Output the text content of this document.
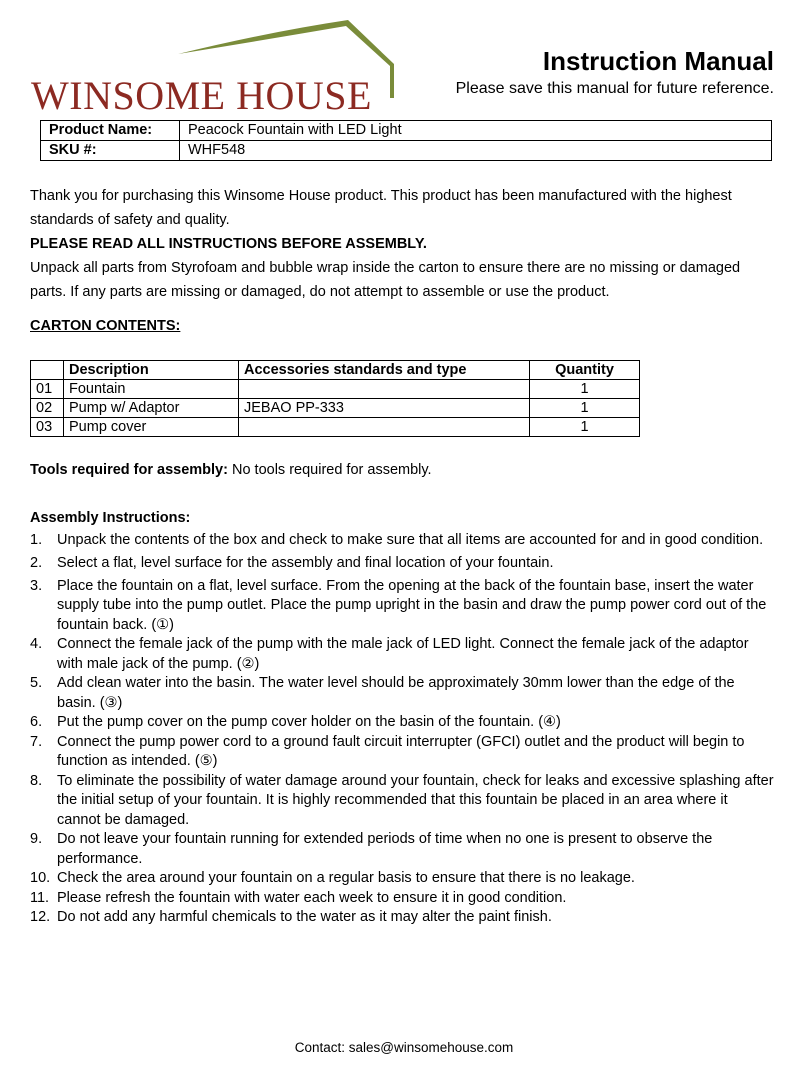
WINSOME HOUSE
Instruction Manual
Please save this manual for future reference.
Product Name:	Peacock Fountain with LED Light
SKU #:	WHF548
Thank you for purchasing this Winsome House product. This product has been manufactured with the highest standards of safety and quality.
PLEASE READ ALL INSTRUCTIONS BEFORE ASSEMBLY.
Unpack all parts from Styrofoam and bubble wrap inside the carton to ensure there are no missing or damaged parts. If any parts are missing or damaged, do not attempt to assemble or use the product.
CARTON CONTENTS:
	Description	Accessories standards and type	Quantity
01	Fountain		1
02	Pump w/ Adaptor	JEBAO PP-333	1
03	Pump cover		1
Tools required for assembly: No tools required for assembly.
Assembly Instructions:
1.	Unpack the contents of the box and check to make sure that all items are accounted for and in good condition.
2.	Select a flat, level surface for the assembly and final location of your fountain.
3.	Place the fountain on a flat, level surface. From the opening at the back of the fountain base, insert the water supply tube into the pump outlet. Place the pump upright in the basin and draw the pump power cord out of the fountain back. (①)
4.	Connect the female jack of the pump with the male jack of LED light. Connect the female jack of the adaptor with male jack of the pump. (②)
5.	Add clean water into the basin. The water level should be approximately 30mm lower than the edge of the basin. (③)
6.	Put the pump cover on the pump cover holder on the basin of the fountain. (④)
7.	Connect the pump power cord to a ground fault circuit interrupter (GFCI) outlet and the product will begin to function as intended. (⑤)
8.	To eliminate the possibility of water damage around your fountain, check for leaks and excessive splashing after the initial setup of your fountain. It is highly recommended that this fountain be placed in an area where it cannot be damaged.
9.	Do not leave your fountain running for extended periods of time when no one is present to observe the performance.
10. Check the area around your fountain on a regular basis to ensure that there is no leakage.
11. Please refresh the fountain with water each week to ensure it in good condition.
12. Do not add any harmful chemicals to the water as it may alter the paint finish.
Contact: sales@winsomehouse.com
